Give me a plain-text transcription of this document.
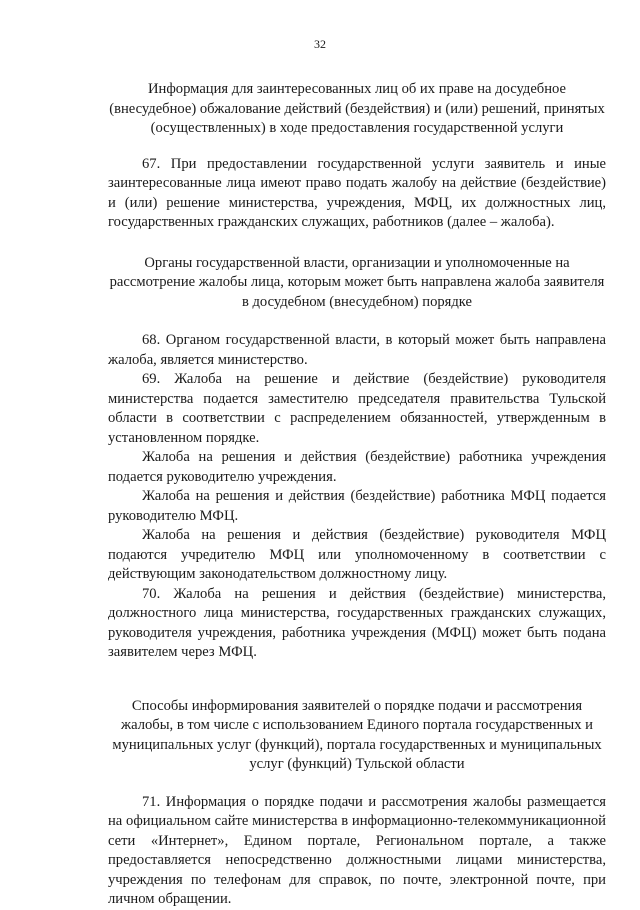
32

Информация для заинтересованных лиц об их праве на досудебное (внесудебное) обжалование действий (бездействия) и (или) решений, принятых (осуществленных) в ходе предоставления государственной услуги

67. При предоставлении государственной услуги заявитель и иные заинтересованные лица имеют право подать жалобу на действие (бездействие) и (или) решение министерства, учреждения, МФЦ, их должностных лиц, государственных гражданских служащих, работников (далее – жалоба).

Органы государственной власти, организации и уполномоченные на рассмотрение жалобы лица, которым может быть направлена жалоба заявителя в досудебном (внесудебном) порядке

68. Органом государственной власти, в который может быть направлена жалоба, является министерство.

69. Жалоба на решение и действие (бездействие) руководителя министерства подается заместителю председателя правительства Тульской области в соответствии с распределением обязанностей, утвержденным в установленном порядке.

Жалоба на решения и действия (бездействие) работника учреждения подается руководителю учреждения.

Жалоба на решения и действия (бездействие) работника МФЦ подается руководителю МФЦ.

Жалоба на решения и действия (бездействие) руководителя МФЦ подаются учредителю МФЦ или уполномоченному в соответствии с действующим законодательством должностному лицу.

70. Жалоба на решения и действия (бездействие) министерства, должностного лица министерства, государственных гражданских служащих, руководителя учреждения, работника учреждения (МФЦ) может быть подана заявителем через МФЦ.

Способы информирования заявителей о порядке подачи и рассмотрения жалобы, в том числе с использованием Единого портала государственных и муниципальных услуг (функций), портала государственных и муниципальных услуг (функций) Тульской области

71. Информация о порядке подачи и рассмотрения жалобы размещается на официальном сайте министерства в информационно-телекоммуникационной сети «Интернет», Едином портале, Региональном портале, а также предоставляется непосредственно должностными лицами министерства, учреждения по телефонам для справок, по почте, электронной почте, при личном обращении.
